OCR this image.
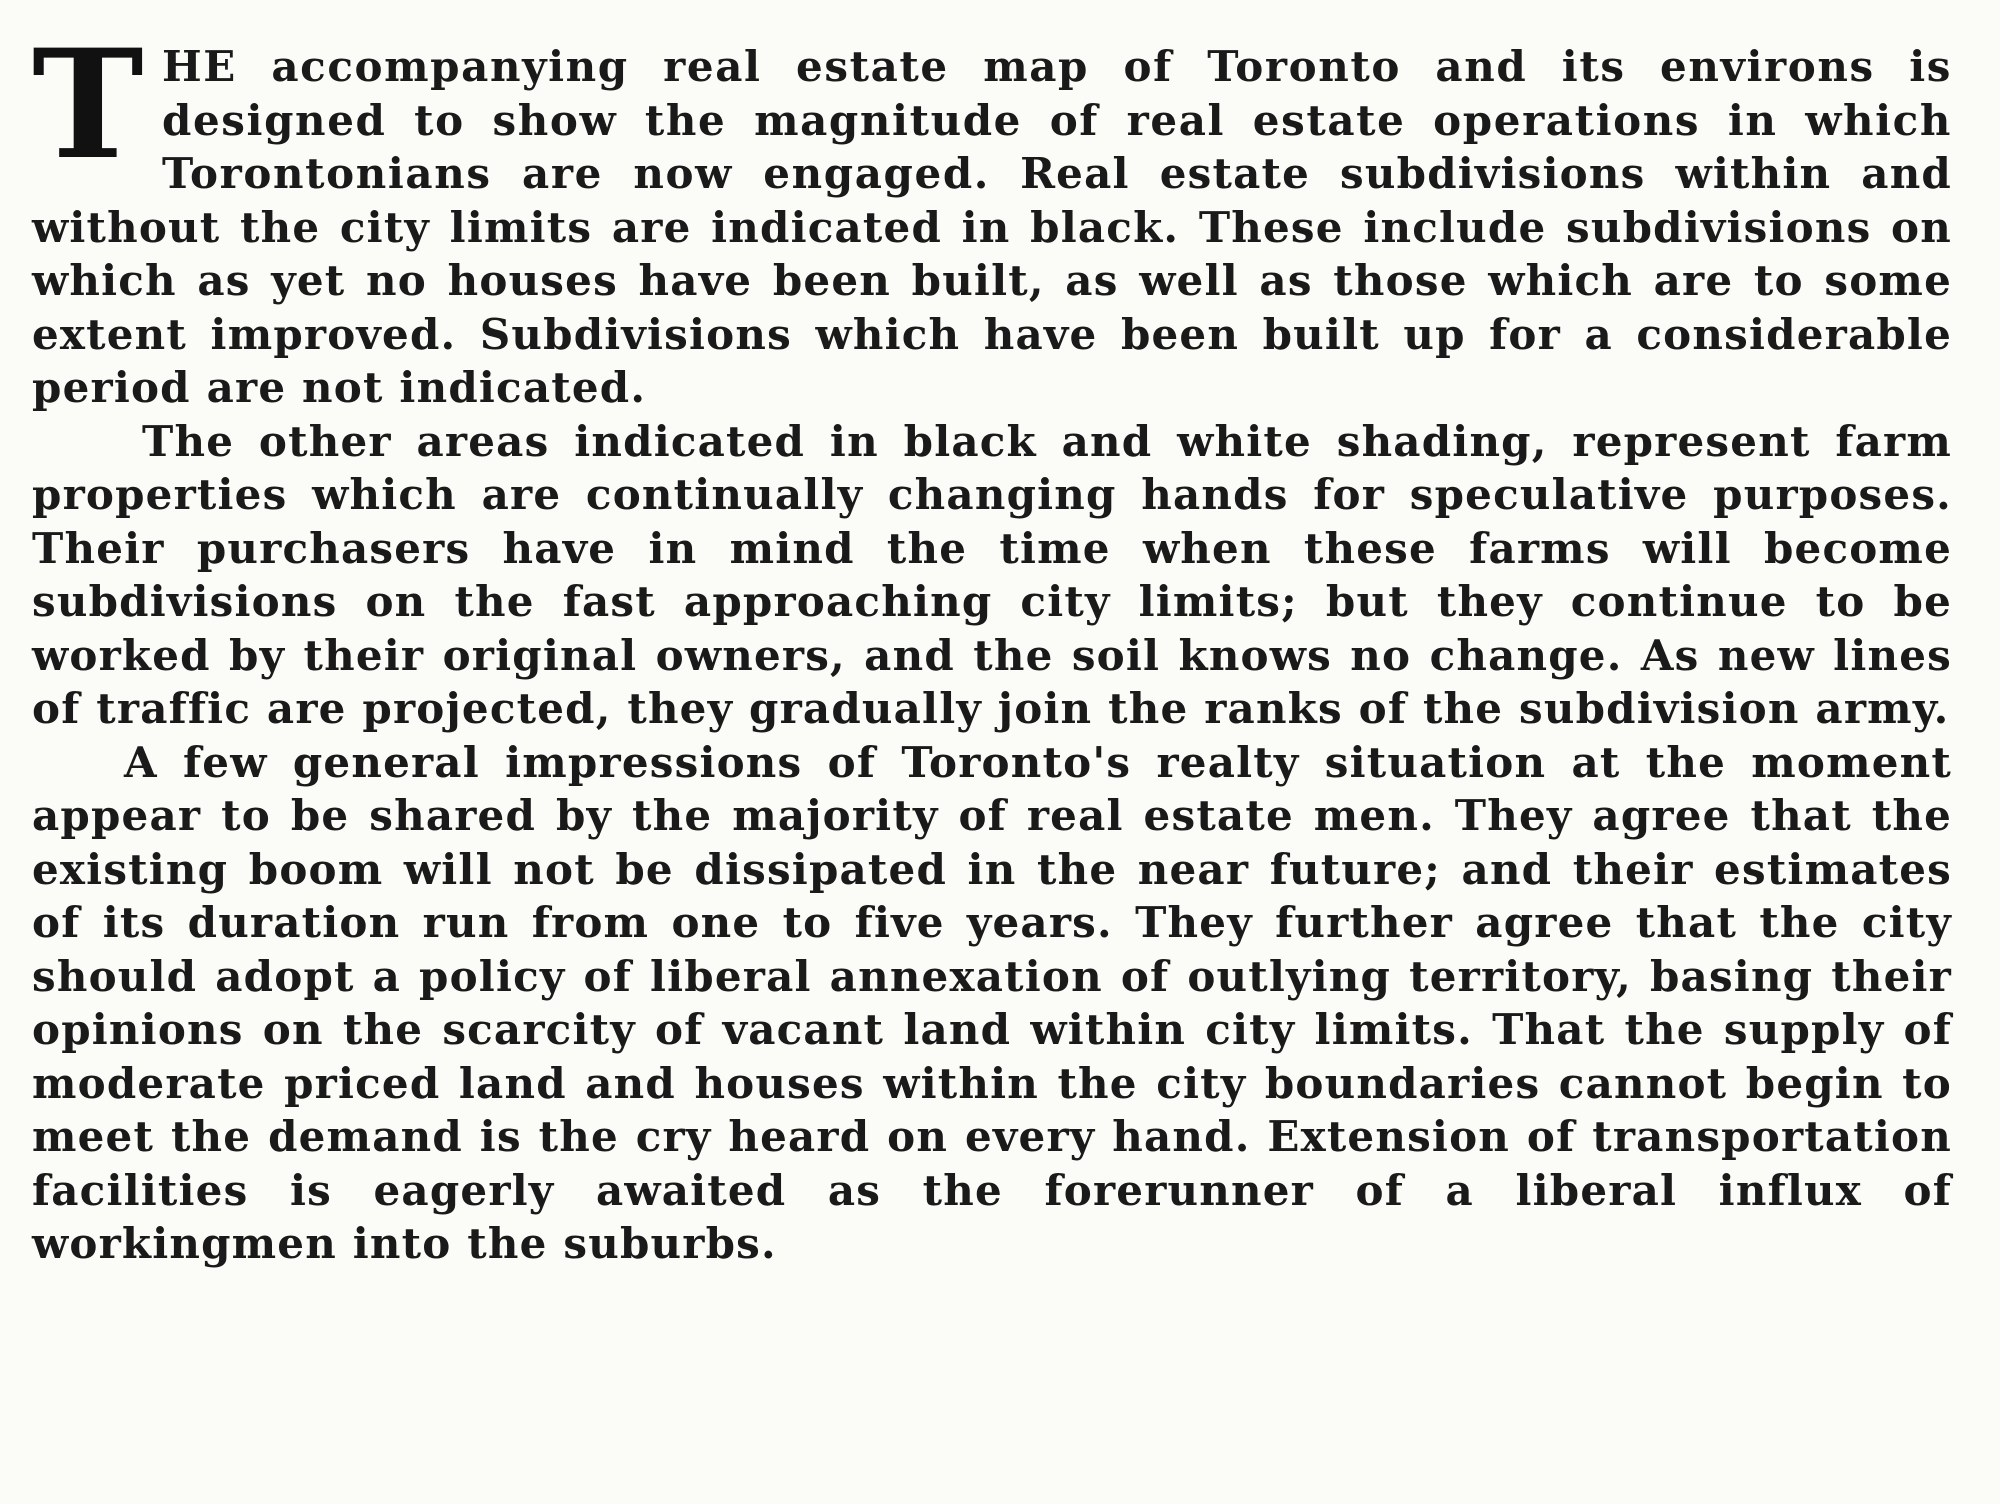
THE accompanying real estate map of Toronto and its environs is designed to show the magnitude of real estate operations in which Torontonians are now engaged. Real estate subdivisions within and without the city limits are indicated in black. These include subdivisions on which as yet no houses have been built, as well as those which are to some extent improved. Subdivisions which have been built up for a considerable period are not indicated.

The other areas indicated in black and white shading, represent farm properties which are continually changing hands for speculative purposes. Their purchasers have in mind the time when these farms will become subdivisions on the fast approaching city limits; but they continue to be worked by their original owners, and the soil knows no change. As new lines of traffic are projected, they gradually join the ranks of the subdivision army.

A few general impressions of Toronto's realty situation at the moment appear to be shared by the majority of real estate men. They agree that the existing boom will not be dissipated in the near future; and their estimates of its duration run from one to five years. They further agree that the city should adopt a policy of liberal annexation of outlying territory, basing their opinions on the scarcity of vacant land within city limits. That the supply of moderate priced land and houses within the city boundaries cannot begin to meet the demand is the cry heard on every hand. Extension of transportation facilities is eagerly awaited as the forerunner of a liberal influx of workingmen into the suburbs.
